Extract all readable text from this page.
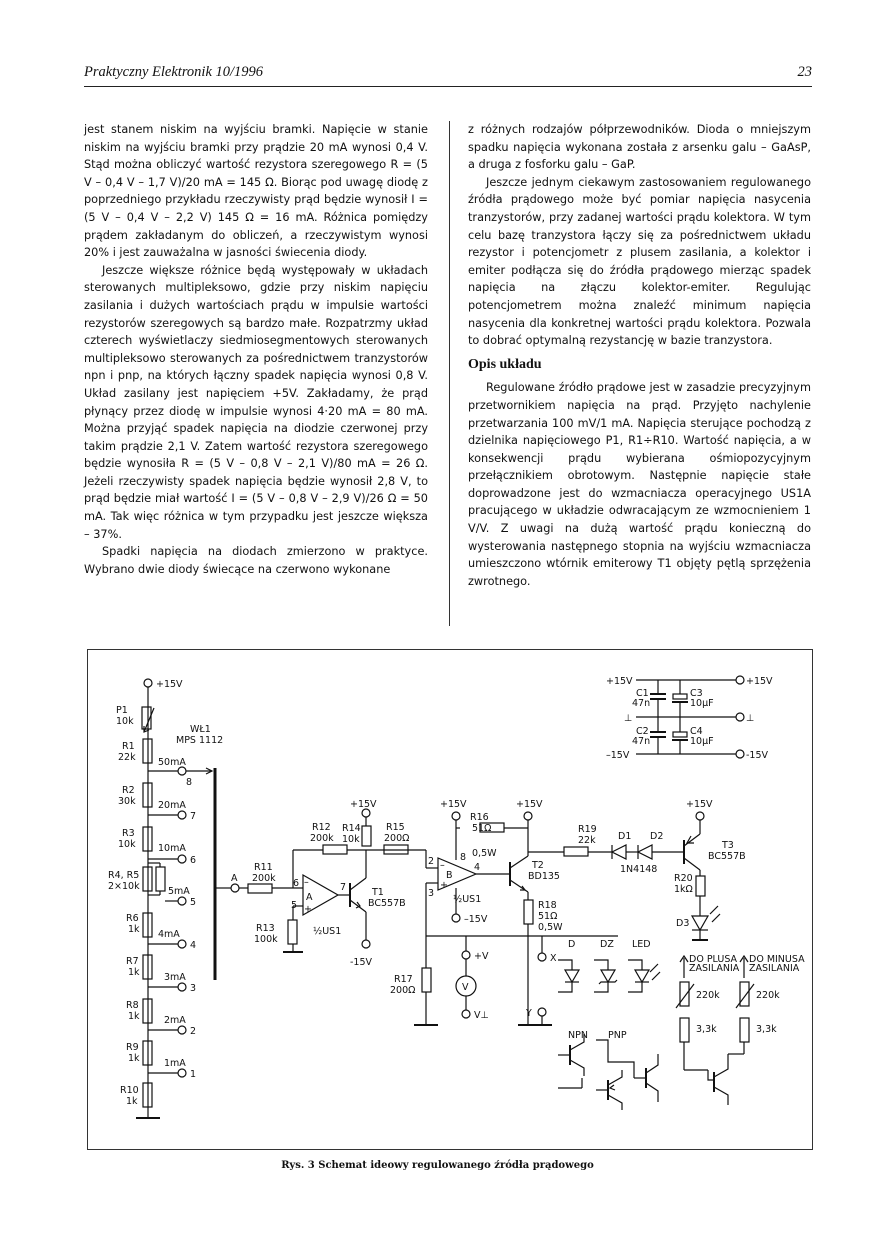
Praktyczny Elektronik 10/1996	23

jest stanem niskim na wyjściu bramki. Napięcie w stanie niskim na wyjściu bramki przy prądzie 20 mA wynosi 0,4 V. Stąd można obliczyć wartość rezystora szeregowego R = (5 V – 0,4 V – 1,7 V)/20 mA = 145 Ω. Biorąc pod uwagę diodę z poprzedniego przykładu rzeczywisty prąd będzie wynosił I = (5 V – 0,4 V – 2,2 V) 145 Ω = 16 mA. Różnica pomiędzy prądem zakładanym do obliczeń, a rzeczywistym wynosi 20% i jest zauważalna w jasności świecenia diody.

Jeszcze większe różnice będą występowały w układach sterowanych multipleksowo, gdzie przy niskim napięciu zasilania i dużych wartościach prądu w impulsie wartości rezystorów szeregowych są bardzo małe. Rozpatrzmy układ czterech wyświetlaczy siedmiosegmentowych sterowanych multipleksowo sterowanych za pośrednictwem tranzystorów npn i pnp, na których łączny spadek napięcia wynosi 0,8 V. Układ zasilany jest napięciem +5V. Zakładamy, że prąd płynący przez diodę w impulsie wynosi 4·20 mA = 80 mA. Można przyjąć spadek napięcia na diodzie czerwonej przy takim prądzie 2,1 V. Zatem wartość rezystora szeregowego będzie wynosiła R = (5 V – 0,8 V – 2,1 V)/80 mA = 26 Ω. Jeżeli rzeczywisty spadek napięcia będzie wynosił 2,8 V, to prąd będzie miał wartość I = (5 V – 0,8 V – 2,9 V)/26 Ω = 50 mA. Tak więc różnica w tym przypadku jest jeszcze większa – 37%.

Spadki napięcia na diodach zmierzono w praktyce. Wybrano dwie diody świecące na czerwono wykonane

z różnych rodzajów półprzewodników. Dioda o mniejszym spadku napięcia wykonana została z arsenku galu – GaAsP, a druga z fosforku galu – GaP.

Jeszcze jednym ciekawym zastosowaniem regulowanego źródła prądowego może być pomiar napięcia nasycenia tranzystorów, przy zadanej wartości prądu kolektora. W tym celu bazę tranzystora łączy się za pośrednictwem układu rezystor i potencjometr z plusem zasilania, a kolektor i emiter podłącza się do źródła prądowego mierząc spadek napięcia na złączu kolektor-emiter. Regulując potencjometrem można znaleźć minimum napięcia nasycenia dla konkretnej wartości prądu kolektora. Pozwala to dobrać optymalną rezystancję w bazie tranzystora.

Opis układu

Regulowane źródło prądowe jest w zasadzie precyzyjnym przetwornikiem napięcia na prąd. Przyjęto nachylenie przetwarzania 100 mV/1 mA. Napięcia sterujące pochodzą z dzielnika napięciowego P1, R1÷R10. Wartość napięcia, a w konsekwencji prądu wybierana ośmiopozycyjnym przełącznikiem obrotowym. Następnie napięcie stałe doprowadzone jest do wzmacniacza operacyjnego US1A pracującego w układzie odwracającym ze wzmocnieniem 1 V/V. Z uwagi na dużą wartość prądu konieczną do wysterowania następnego stopnia na wyjściu wzmacniacza umieszczono wtórnik emiterowy T1 objęty pętlą sprzężenia zwrotnego.

+15V
P1
10k
WŁ1
MPS 1112
R1
22k
R2
30k
R3
10k
R4, R5
2×10k
R6
1k
R7
1k
R8
1k
R9
1k
R10
1k
50mA
8
20mA
7
10mA
6
5mA
5
4mA
4
3mA
3
2mA
2
1mA
1
A
R11
200k 6
5
A
+
–
R13
100k
½US1
7	T1
BC557B
-15V
R12
200k
+15V
R14
10k
R15
200Ω
2
B
+
–
3
½US1
8
+15V
–15V
4
R16
51Ω
0,5W
T2
BD135
+15V
R18
51Ω
0,5W
R17
200Ω
+V
V
V⊥
+15V	+15V
C1
47n
C3
10µF
⊥	⊥
C2
47n
C4
10µF
–15V	-15V
R19
22k D1 D2
1N4148
T3
BC557B
+15V
R20
1kΩ
D3
X
Y
D	DZ LED
NPN PNP
DO PLUSA
ZASILANIA
220k
3,3k
DO MINUSA
ZASILANIA
220k
3,3k
Rys. 3 Schemat ideowy regulowanego źródła prądowego
